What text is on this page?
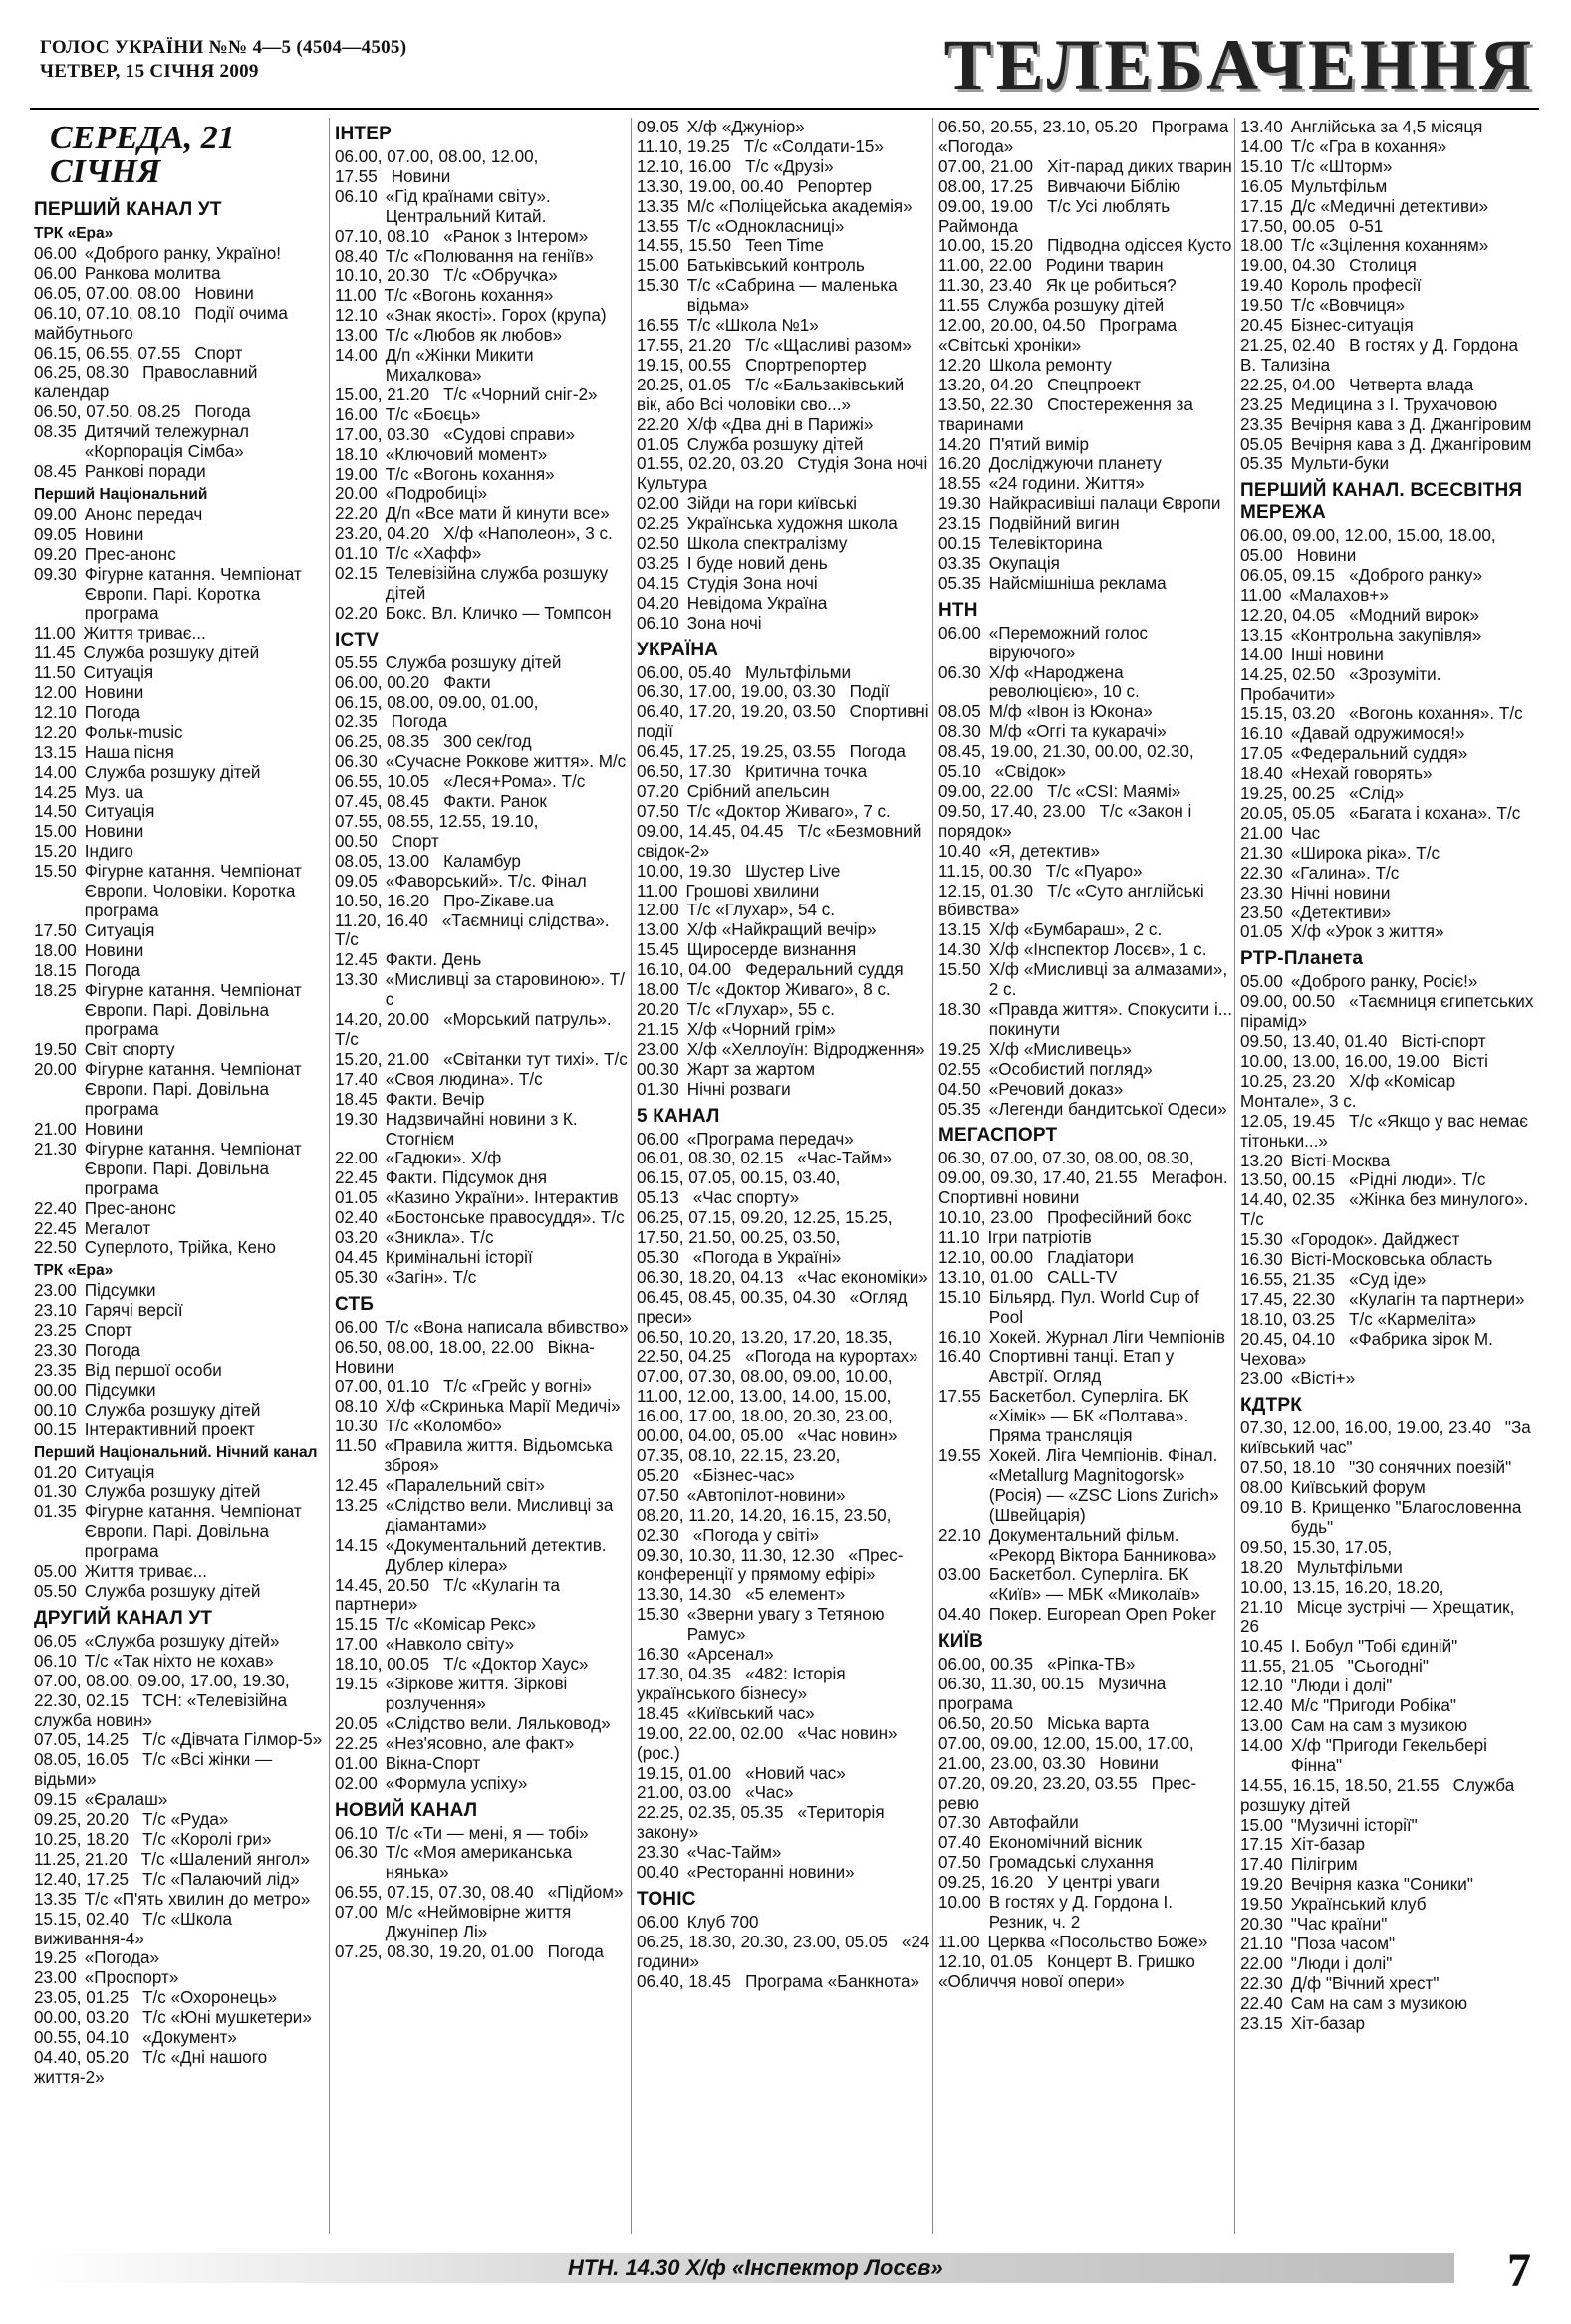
ГОЛОС УКРАЇНИ №№ 4—5 (4504—4505)
ЧЕТВЕР, 15 СІЧНЯ 2009	ТЕЛЕБАЧЕННЯ
СЕРЕДА, 21 СІЧНЯ
ПЕРШИЙ КАНАЛ УТ
ТРК «Ера»
06.00 «Доброго ранку, Україно!
06.00 Ранкова молитва
06.05, 07.00, 08.00 Новини
06.10, 07.10, 08.10 Події очима майбутнього
06.15, 06.55, 07.55 Спорт
06.25, 08.30 Православний календар
06.50, 07.50, 08.25 Погода
08.35 Дитячий тележурнал «Корпорація Сімба»
08.45 Ранкові поради
Перший Національний
09.00 Анонс передач
09.05 Новини
09.20 Прес-анонс
09.30 Фігурне катання. Чемпіонат Європи. Парі. Коротка програма
11.00 Життя триває...
11.45 Служба розшуку дітей
11.50 Ситуація
12.00 Новини
12.10 Погода
12.20 Фольк-music
13.15 Наша пісня
14.00 Служба розшуку дітей
14.25 Муз. ua
14.50 Ситуація
15.00 Новини
15.20 Індиго
15.50 Фігурне катання. Чемпіонат Європи. Чоловіки. Коротка програма
17.50 Ситуація
18.00 Новини
18.15 Погода
18.25 Фігурне катання. Чемпіонат Європи. Парі. Довільна програма
19.50 Світ спорту
20.00 Фігурне катання. Чемпіонат Європи. Парі. Довільна програма
21.00 Новини
21.30 Фігурне катання. Чемпіонат Європи. Парі. Довільна програма
22.40 Прес-анонс
22.45 Мегалот
22.50 Суперлото, Трійка, Кено
ТРК «Ера»
23.00 Підсумки
23.10 Гарячі версії
23.25 Спорт
23.30 Погода
23.35 Від першої особи
00.00 Підсумки
00.10 Служба розшуку дітей
00.15 Інтерактивний проект
Перший Національний. Нічний канал
01.20 Ситуація
01.30 Служба розшуку дітей
01.35 Фігурне катання. Чемпіонат Європи. Парі. Довільна програма
05.00 Життя триває...
05.50 Служба розшуку дітей
ДРУГИЙ КАНАЛ УТ
06.05 «Служба розшуку дітей»
06.10 Т/с «Так ніхто не кохав»
07.00, 08.00, 09.00, 17.00, 19.30, 22.30, 02.15 ТСН: «Телевізійна служба новин»
07.05, 14.25 Т/с «Дівчата Гілмор-5»
08.05, 16.05 Т/с «Всі жінки — відьми»
09.15 «Єралаш»
09.25, 20.20 Т/с «Руда»
10.25, 18.20 Т/с «Королі гри»
11.25, 21.20 Т/с «Шалений янгол»
12.40, 17.25 Т/с «Палаючий лід»
13.35 Т/с «П'ять хвилин до метро»
15.15, 02.40 Т/с «Школа виживання-4»
19.25 «Погода»
23.00 «Проспорт»
23.05, 01.25 Т/с «Охоронець»
00.00, 03.20 Т/с «Юні мушкетери»
00.55, 04.10 «Документ»
04.40, 05.20 Т/с «Дні нашого життя-2»
ІНТЕР
06.00, 07.00, 08.00, 12.00, 17.55 Новини
06.10 «Гід країнами світу». Центральний Китай.
07.10, 08.10 «Ранок з Інтером»
08.40 Т/с «Полювання на геніїв»
10.10, 20.30 Т/с «Обручка»
11.00 Т/с «Вогонь кохання»
12.10 «Знак якості». Горох (крупа)
13.00 Т/с «Любов як любов»
14.00 Д/п «Жінки Микити Михалкова»
15.00, 21.20 Т/с «Чорний сніг-2»
16.00 Т/с «Боєць»
17.00, 03.30 «Судові справи»
18.10 «Ключовий момент»
19.00 Т/с «Вогонь кохання»
20.00 «Подробиці»
22.20 Д/п «Все мати й кинути все»
23.20, 04.20 Х/ф «Наполеон», 3 с.
01.10 Т/с «Хафф»
02.15 Телевізійна служба розшуку дітей
02.20 Бокс. Вл. Кличко — Томпсон
ICTV
05.55 Служба розшуку дітей
06.00, 00.20 Факти
06.15, 08.00, 09.00, 01.00, 02.35 Погода
06.25, 08.35 300 сек/год
06.30 «Сучасне Роккове життя». М/с
06.55, 10.05 «Леся+Рома». Т/с
07.45, 08.45 Факти. Ранок
07.55, 08.55, 12.55, 19.10, 00.50 Спорт
08.05, 13.00 Каламбур
09.05 «Фаворський». Т/с. Фінал
10.50, 16.20 Про-Zікаве.ua
11.20, 16.40 «Таємниці слідства». Т/с
12.45 Факти. День
13.30 «Мисливці за старовиною». Т/с
14.20, 20.00 «Морський патруль». Т/с
15.20, 21.00 «Світанки тут тихі». Т/с
17.40 «Своя людина». Т/с
18.45 Факти. Вечір
19.30 Надзвичайні новини з К. Стогнієм
22.00 «Гадюки». Х/ф
22.45 Факти. Підсумок дня
01.05 «Казино України». Інтерактив
02.40 «Бостонське правосуддя». Т/с
03.20 «Зникла». Т/с
04.45 Кримінальні історії
05.30 «Загін». Т/с
СТБ
06.00 Т/с «Вона написала вбивство»
06.50, 08.00, 18.00, 22.00 Вікна-Новини
07.00, 01.10 Т/с «Грейс у вогні»
08.10 Х/ф «Скринька Марії Медичі»
10.30 Т/с «Коломбо»
11.50 «Правила життя. Відьомська зброя»
12.45 «Паралельний світ»
13.25 «Слідство вели. Мисливці за діамантами»
14.15 «Документальний детектив. Дублер кілера»
14.45, 20.50 Т/с «Кулагін та партнери»
15.15 Т/с «Комісар Рекс»
17.00 «Навколо світу»
18.10, 00.05 Т/с «Доктор Хаус»
19.15 «Зіркове життя. Зіркові розлучення»
20.05 «Слідство вели. Ляльковод»
22.25 «Нез'ясовно, але факт»
01.00 Вікна-Спорт
02.00 «Формула успіху»
НОВИЙ КАНАЛ
06.10 Т/с «Ти — мені, я — тобі»
06.30 Т/с «Моя американська нянька»
06.55, 07.15, 07.30, 08.40 «Підйом»
07.00 М/с «Неймовірне життя Джуніпер Лі»
07.25, 08.30, 19.20, 01.00 Погода
09.05 Х/ф «Джуніор»
11.10, 19.25 Т/с «Солдати-15»
12.10, 16.00 Т/с «Друзі»
13.30, 19.00, 00.40 Репортер
13.35 М/с «Поліцейська академія»
13.55 Т/с «Однокласниці»
14.55, 15.50 Teen Time
15.00 Батьківський контроль
15.30 Т/с «Сабрина — маленька відьма»
16.55 Т/с «Школа №1»
17.55, 21.20 Т/с «Щасливі разом»
19.15, 00.55 Спортрепортер
20.25, 01.05 Т/с «Бальзаківський вік, або Всі чоловіки сво...»
22.20 Х/ф «Два дні в Парижі»
01.05 Служба розшуку дітей
01.55, 02.20, 03.20 Студія Зона ночі Культура
02.00 Зійди на гори київські
02.25 Українська художня школа
02.50 Школа спектралізму
03.25 І буде новий день
04.15 Студія Зона ночі
04.20 Невідома Україна
06.10 Зона ночі
УКРАЇНА
06.00, 05.40 Мультфільми
06.30, 17.00, 19.00, 03.30 Події
06.40, 17.20, 19.20, 03.50 Спортивні події
06.45, 17.25, 19.25, 03.55 Погода
06.50, 17.30 Критична точка
07.20 Срібний апельсин
07.50 Т/с «Доктор Живаго», 7 с.
09.00, 14.45, 04.45 Т/с «Безмовний свідок-2»
10.00, 19.30 Шустер Live
11.00 Грошові хвилини
12.00 Т/с «Глухар», 54 с.
13.00 Х/ф «Найкращий вечір»
15.45 Щиросерде визнання
16.10, 04.00 Федеральний суддя
18.00 Т/с «Доктор Живаго», 8 с.
20.20 Т/с «Глухар», 55 с.
21.15 Х/ф «Чорний грім»
23.00 Х/ф «Хеллоуїн: Відродження»
00.30 Жарт за жартом
01.30 Нічні розваги
5 КАНАЛ
06.00 «Програма передач»
06.01, 08.30, 02.15 «Час-Тайм»
06.15, 07.05, 00.15, 03.40, 05.13 «Час спорту»
06.25, 07.15, 09.20, 12.25, 15.25, 17.50, 21.50, 00.25, 03.50, 05.30 «Погода в Україні»
06.30, 18.20, 04.13 «Час економіки»
06.45, 08.45, 00.35, 04.30 «Огляд преси»
06.50, 10.20, 13.20, 17.20, 18.35, 22.50, 04.25 «Погода на курортах»
07.00, 07.30, 08.00, 09.00, 10.00, 11.00, 12.00, 13.00, 14.00, 15.00, 16.00, 17.00, 18.00, 20.30, 23.00, 00.00, 04.00, 05.00 «Час новин»
07.35, 08.10, 22.15, 23.20, 05.20 «Бізнес-час»
07.50 «Автопілот-новини»
08.20, 11.20, 14.20, 16.15, 23.50, 02.30 «Погода у світі»
09.30, 10.30, 11.30, 12.30 «Прес-конференції у прямому ефірі»
13.30, 14.30 «5 елемент»
15.30 «Зверни увагу з Тетяною Рамус»
16.30 «Арсенал»
17.30, 04.35 «482: Історія українського бізнесу»
18.45 «Київський час»
19.00, 22.00, 02.00 «Час новин» (рос.)
19.15, 01.00 «Новий час»
21.00, 03.00 «Час»
22.25, 02.35, 05.35 «Територія закону»
23.30 «Час-Тайм»
00.40 «Ресторанні новини»
ТОНІС
06.00 Клуб 700
06.25, 18.30, 20.30, 23.00, 05.05 «24 години»
06.40, 18.45 Програма «Банкнота»
06.50, 20.55, 23.10, 05.20 Програма «Погода»
07.00, 21.00 Хіт-парад диких тварин
08.00, 17.25 Вивчаючи Біблію
09.00, 19.00 Т/с Усі люблять Раймонда
10.00, 15.20 Підводна одіссея Кусто
11.00, 22.00 Родини тварин
11.30, 23.40 Як це робиться?
11.55 Служба розшуку дітей
12.00, 20.00, 04.50 Програма «Світські хроніки»
12.20 Школа ремонту
13.20, 04.20 Спецпроект
13.50, 22.30 Спостереження за тваринами
14.20 П'ятий вимір
16.20 Досліджуючи планету
18.55 «24 години. Життя»
19.30 Найкрасивіші палаци Європи
23.15 Подвійний вигин
00.15 Телевікторина
03.35 Окупація
05.35 Найсмішніша реклама
НТН
06.00 «Переможний голос віруючого»
06.30 Х/ф «Народжена революцією», 10 с.
08.05 М/ф «Івон із Юкона»
08.30 М/ф «Оггі та кукарачі»
08.45, 19.00, 21.30, 00.00, 02.30, 05.10 «Свідок»
09.00, 22.00 Т/с «CSI: Маямі»
09.50, 17.40, 23.00 Т/с «Закон і порядок»
10.40 «Я, детектив»
11.15, 00.30 Т/с «Пуаро»
12.15, 01.30 Т/с «Суто англійські вбивства»
13.15 Х/ф «Бумбараш», 2 с.
14.30 Х/ф «Інспектор Лосєв», 1 с.
15.50 Х/ф «Мисливці за алмазами», 2 с.
18.30 «Правда життя». Спокусити і... покинути
19.25 Х/ф «Мисливець»
02.55 «Особистий погляд»
04.50 «Речовий доказ»
05.35 «Легенди бандитської Одеси»
МЕГАСПОРТ
06.30, 07.00, 07.30, 08.00, 08.30, 09.00, 09.30, 17.40, 21.55 Мегафон. Спортивні новини
10.10, 23.00 Професійний бокс
11.10 Ігри патріотів
12.10, 00.00 Гладіатори
13.10, 01.00 CALL-TV
15.10 Більярд. Пул. World Cup of Pool
16.10 Хокей. Журнал Ліги Чемпіонів
16.40 Спортивні танці. Етап у Австрії. Огляд
17.55 Баскетбол. Суперліга. БК «Хімік» — БК «Полтава». Пряма трансляція
19.55 Хокей. Ліга Чемпіонів. Фінал. «Metallurg Magnitogorsk» (Росія) — «ZSC Lions Zurich» (Швейцарія)
22.10 Документальний фільм. «Рекорд Віктора Банникова»
03.00 Баскетбол. Суперліга. БК «Київ» — МБК «Миколаїв»
04.40 Покер. European Open Poker
КИЇВ
06.00, 00.35 «Ріпка-ТВ»
06.30, 11.30, 00.15 Музична програма
06.50, 20.50 Міська варта
07.00, 09.00, 12.00, 15.00, 17.00, 21.00, 23.00, 03.30 Новини
07.20, 09.20, 23.20, 03.55 Прес-ревю
07.30 Автофайли
07.40 Економічний вісник
07.50 Громадські слухання
09.25, 16.20 У центрі уваги
10.00 В гостях у Д. Гордона І. Резник, ч. 2
11.00 Церква «Посольство Боже»
12.10, 01.05 Концерт В. Гришко «Обличчя нової опери»
13.40 Англійська за 4,5 місяця
14.00 Т/с «Гра в кохання»
15.10 Т/с «Шторм»
16.05 Мультфільм
17.15 Д/с «Медичні детективи»
17.50, 00.05 0-51
18.00 Т/с «Зцілення коханням»
19.00, 04.30 Столиця
19.40 Король професії
19.50 Т/с «Вовчиця»
20.45 Бізнес-ситуація
21.25, 02.40 В гостях у Д. Гордона В. Тализіна
22.25, 04.00 Четверта влада
23.25 Медицина з І. Трухачовою
23.35 Вечірня кава з Д. Джангіровим
05.05 Вечірня кава з Д. Джангіровим
05.35 Мульти-буки
ПЕРШИЙ КАНАЛ. ВСЕСВІТНЯ МЕРЕЖА
06.00, 09.00, 12.00, 15.00, 18.00, 05.00 Новини
06.05, 09.15 «Доброго ранку»
11.00 «Малахов+»
12.20, 04.05 «Модний вирок»
13.15 «Контрольна закупівля»
14.00 Інші новини
14.25, 02.50 «Зрозуміти. Пробачити»
15.15, 03.20 «Вогонь кохання». Т/с
16.10 «Давай одружимося!»
17.05 «Федеральний суддя»
18.40 «Нехай говорять»
19.25, 00.25 «Слід»
20.05, 05.05 «Багата і кохана». Т/с
21.00 Час
21.30 «Широка ріка». Т/с
22.30 «Галина». Т/с
23.30 Нічні новини
23.50 «Детективи»
01.05 Х/ф «Урок з життя»
РТР-Планета
05.00 «Доброго ранку, Росіє!»
09.00, 00.50 «Таємниця єгипетських пірамід»
09.50, 13.40, 01.40 Вісті-спорт
10.00, 13.00, 16.00, 19.00 Вісті
10.25, 23.20 Х/ф «Комісар Монтале», 3 с.
12.05, 19.45 Т/с «Якщо у вас немає тітоньки...»
13.20 Вісті-Москва
13.50, 00.15 «Рідні люди». Т/с
14.40, 02.35 «Жінка без минулого». Т/с
15.30 «Городок». Дайджест
16.30 Вісті-Московська область
16.55, 21.35 «Суд іде»
17.45, 22.30 «Кулагін та партнери»
18.10, 03.25 Т/с «Кармеліта»
20.45, 04.10 «Фабрика зірок М. Чехова»
23.00 «Вісті+»
КДТРК
07.30, 12.00, 16.00, 19.00, 23.40 "За київський час"
07.50, 18.10 "30 сонячних поезій"
08.00 Київський форум
09.10 В. Крищенко "Благословенна будь"
09.50, 15.30, 17.05, 18.20 Мультфільми
10.00, 13.15, 16.20, 18.20, 21.10 Місце зустрічі — Хрещатик, 26
10.45 І. Бобул "Тобі єдиній"
11.55, 21.05 "Сьогодні"
12.10 "Люди і долі"
12.40 М/с "Пригоди Робіка"
13.00 Сам на сам з музикою
14.00 Х/ф "Пригоди Гекельбері Фінна"
14.55, 16.15, 18.50, 21.55 Служба розшуку дітей
15.00 "Музичні історії"
17.15 Хіт-базар
17.40 Пілігрим
19.20 Вечірня казка "Соники"
19.50 Український клуб
20.30 "Час країни"
21.10 "Поза часом"
22.00 "Люди і долі"
22.30 Д/ф "Вічний хрест"
22.40 Сам на сам з музикою
23.15 Хіт-базар
НТН. 14.30 Х/ф «Інспектор Лосєв»	7
